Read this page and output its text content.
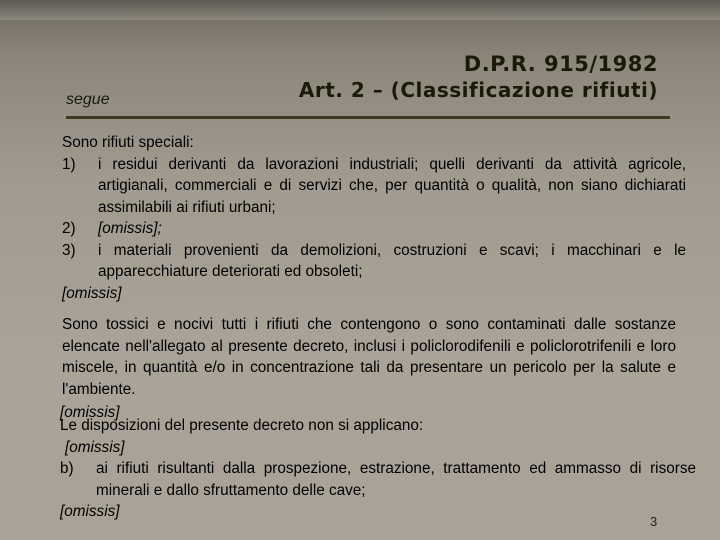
segue
D.P.R. 915/1982
Art. 2 – (Classificazione rifiuti)
Sono rifiuti speciali:
1)	i residui derivanti da lavorazioni industriali; quelli derivanti da attività agricole, artigianali, commerciali e di servizi che, per quantità o qualità, non siano dichiarati assimilabili ai rifiuti urbani;
2)	[omissis];
3)	i materiali provenienti da demolizioni, costruzioni e scavi; i macchinari e le apparecchiature deteriorati ed obsoleti;
[omissis]
Sono tossici e nocivi tutti i rifiuti che contengono o sono contaminati dalle sostanze elencate nell'allegato al presente decreto, inclusi i policlorodifenili e policlorotrifenili e loro miscele, in quantità e/o in concentrazione tali da presentare un pericolo per la salute e l'ambiente.
[omissis]
Le disposizioni del presente decreto non si applicano:
[omissis]
b)	ai rifiuti risultanti dalla prospezione, estrazione, trattamento ed ammasso di risorse minerali e dallo sfruttamento delle cave;
[omissis]
3
